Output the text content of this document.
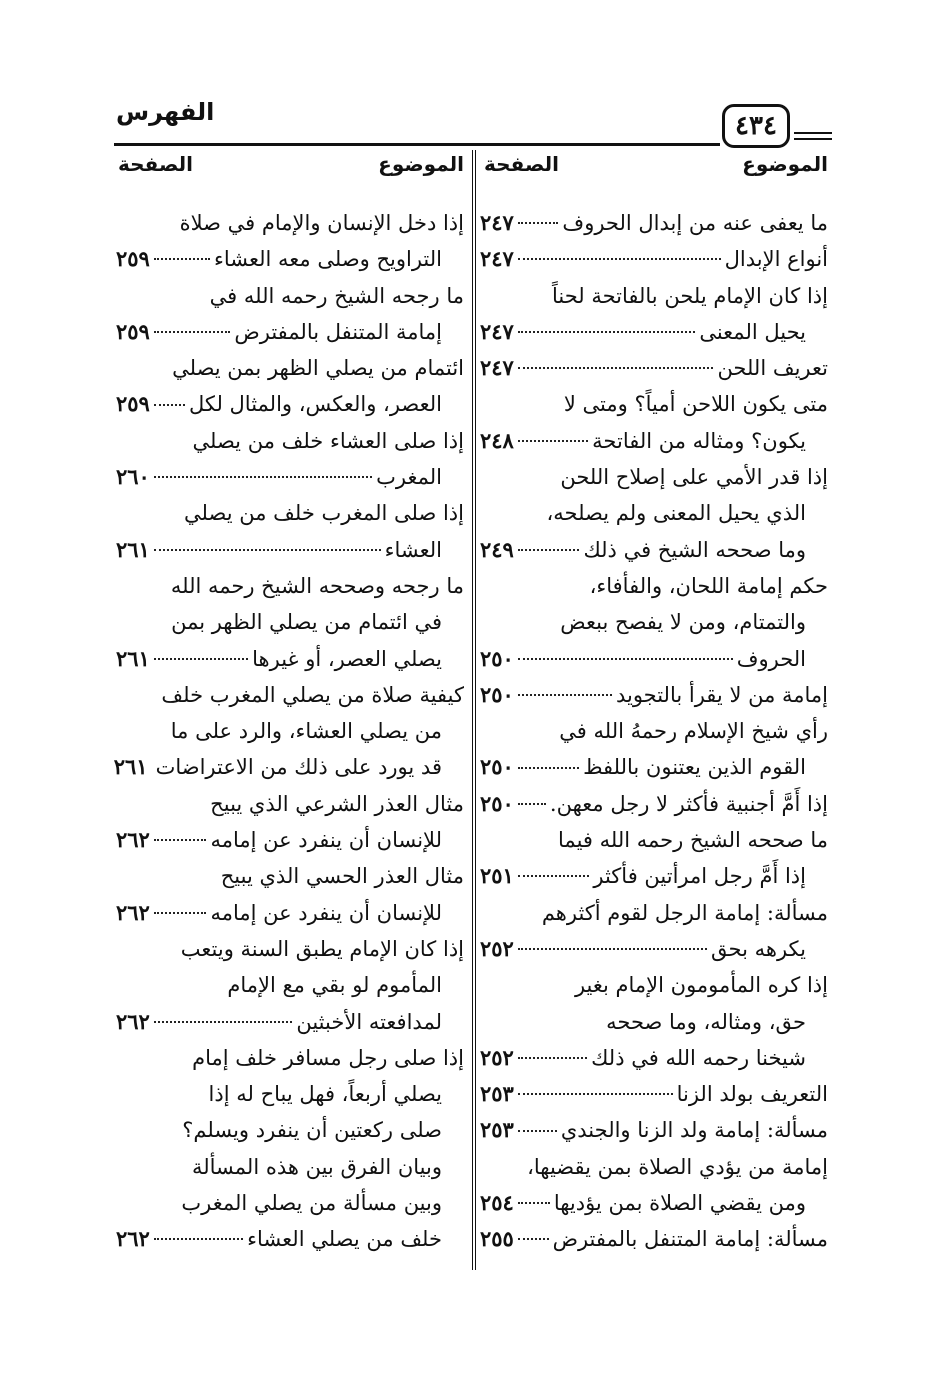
الفهرس	٤٣٤
الموضوع
الصفحة
الموضوع
الصفحة
ما يعفى عنه من إبدال الحروف
٢٤٧
أنواع الإبدال
٢٤٧
إذا كان الإمام يلحن بالفاتحة لحناً
يحيل المعنى
٢٤٧
تعريف اللحن
٢٤٧
متى يكون اللاحن أمياً؟ ومتى لا
يكون؟ ومثاله من الفاتحة
٢٤٨
إذا قدر الأمي على إصلاح اللحن
الذي يحيل المعنى ولم يصلحه،
وما صححه الشيخ في ذلك
٢٤٩
حكم إمامة اللحان، والفأفاء،
والتمتام، ومن لا يفصح ببعض
الحروف
٢٥٠
إمامة من لا يقرأ بالتجويد
٢٥٠
رأي شيخ الإسلام رحمهُ الله في
القوم الذين يعتنون باللفظ
٢٥٠
إذا أَمَّ أجنبية فأكثر لا رجل معهن.
٢٥٠
ما صححه الشيخ رحمه الله فيما
إذا أَمَّ رجل امرأتين فأكثر
٢٥١
مسألة: إمامة الرجل لقوم أكثرهم
يكرهه بحق
٢٥٢
إذا كره المأمومون الإمام بغير
حق، ومثاله، وما صححه
شيخنا رحمه الله في ذلك
٢٥٢
التعريف بولد الزنا
٢٥٣
مسألة: إمامة ولد الزنا والجندي
٢٥٣
إمامة من يؤدي الصلاة بمن يقضيها،
ومن يقضي الصلاة بمن يؤديها
٢٥٤
مسألة: إمامة المتنفل بالمفترض
٢٥٥
إذا دخل الإنسان والإمام في صلاة
التراويح وصلى معه العشاء
٢٥٩
ما رجحه الشيخ رحمه الله في
إمامة المتنفل بالمفترض
٢٥٩
ائتمام من يصلي الظهر بمن يصلي
العصر، والعكس، والمثال لكل
٢٥٩
إذا صلى العشاء خلف من يصلي
المغرب
٢٦٠
إذا صلى المغرب خلف من يصلي
العشاء
٢٦١
ما رجحه وصححه الشيخ رحمه الله
في ائتمام من يصلي الظهر بمن
يصلي العصر، أو غيرها
٢٦١
كيفية صلاة من يصلي المغرب خلف
من يصلي العشاء، والرد على ما
قد يورد على ذلك من الاعتراضات
٢٦١
مثال العذر الشرعي الذي يبيح
للإنسان أن ينفرد عن إمامه
٢٦٢
مثال العذر الحسي الذي يبيح
للإنسان أن ينفرد عن إمامه
٢٦٢
إذا كان الإمام يطبق السنة ويتعب
المأموم لو بقي مع الإمام
لمدافعته الأخبثين
٢٦٢
إذا صلى رجل مسافر خلف إمام
يصلي أربعاً، فهل يباح له إذا
صلى ركعتين أن ينفرد ويسلم؟
وبيان الفرق بين هذه المسألة
وبين مسألة من يصلي المغرب
خلف من يصلي العشاء
٢٦٢
